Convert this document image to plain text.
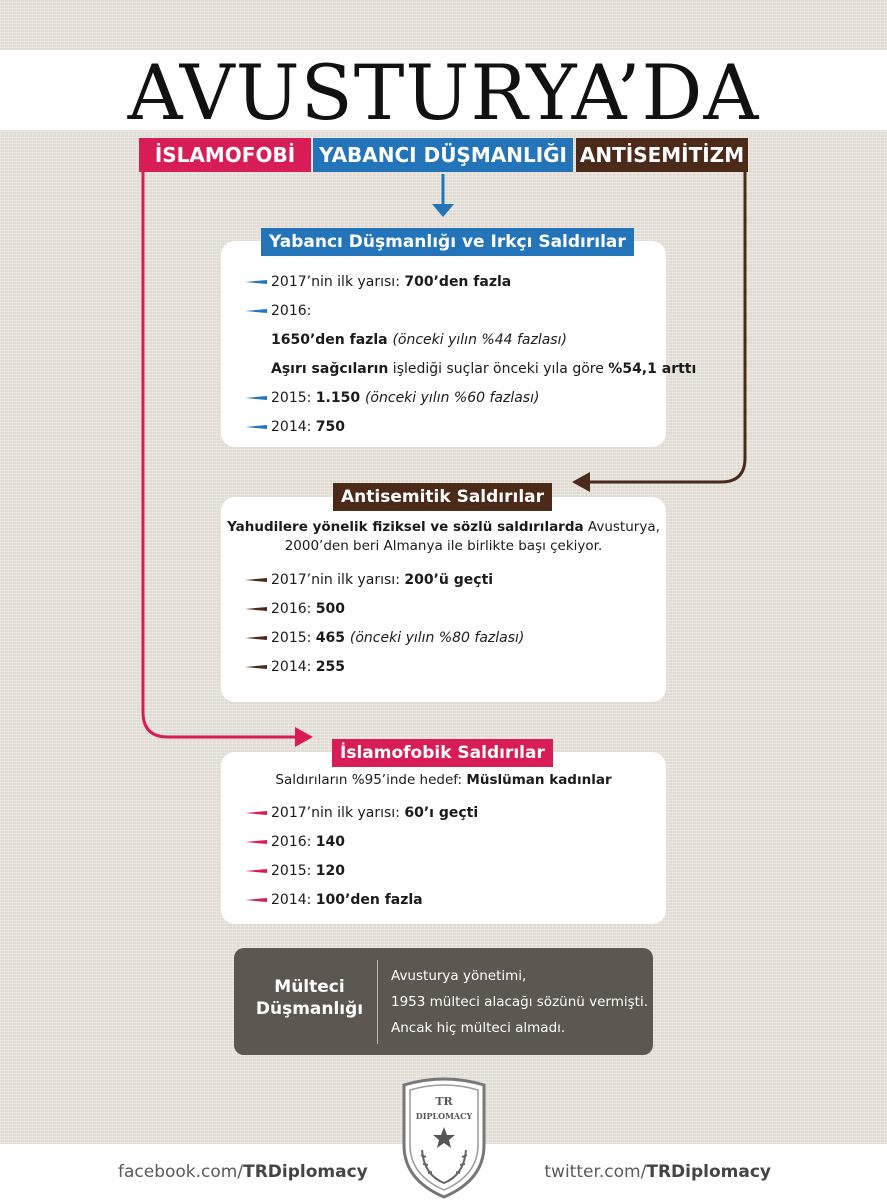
AVUSTURYA’DA
İSLAMOFOBİ	YABANCI DÜŞMANLIĞI ANTİSEMİTİZM
Yabancı Düşmanlığı ve Irkçı Saldırılar
2017’nin ilk yarısı: 700’den fazla
2016:
1650’den fazla (önceki yılın %44 fazlası)
Aşırı sağcıların işlediği suçlar önceki yıla göre %54,1 arttı
2015: 1.150 (önceki yılın %60 fazlası)
2014: 750
Antisemitik Saldırılar
Yahudilere yönelik fiziksel ve sözlü saldırılarda Avusturya,
2000’den beri Almanya ile birlikte başı çekiyor.
2017’nin ilk yarısı: 200’ü geçti
2016: 500
2015: 465 (önceki yılın %80 fazlası)
2014: 255
İslamofobik Saldırılar
Saldırıların %95’inde hedef: Müslüman kadınlar
2017’nin ilk yarısı: 60’ı geçti
2016: 140
2015: 120
2014: 100’den fazla
Mülteci
Düşmanlığı
Avusturya yönetimi,
1953 mülteci alacağı sözünü vermişti.
Ancak hiç mülteci almadı.
facebook.com/TRDiplomacy	twitter.com/TRDiplomacy
TR
DIPLOMACY
